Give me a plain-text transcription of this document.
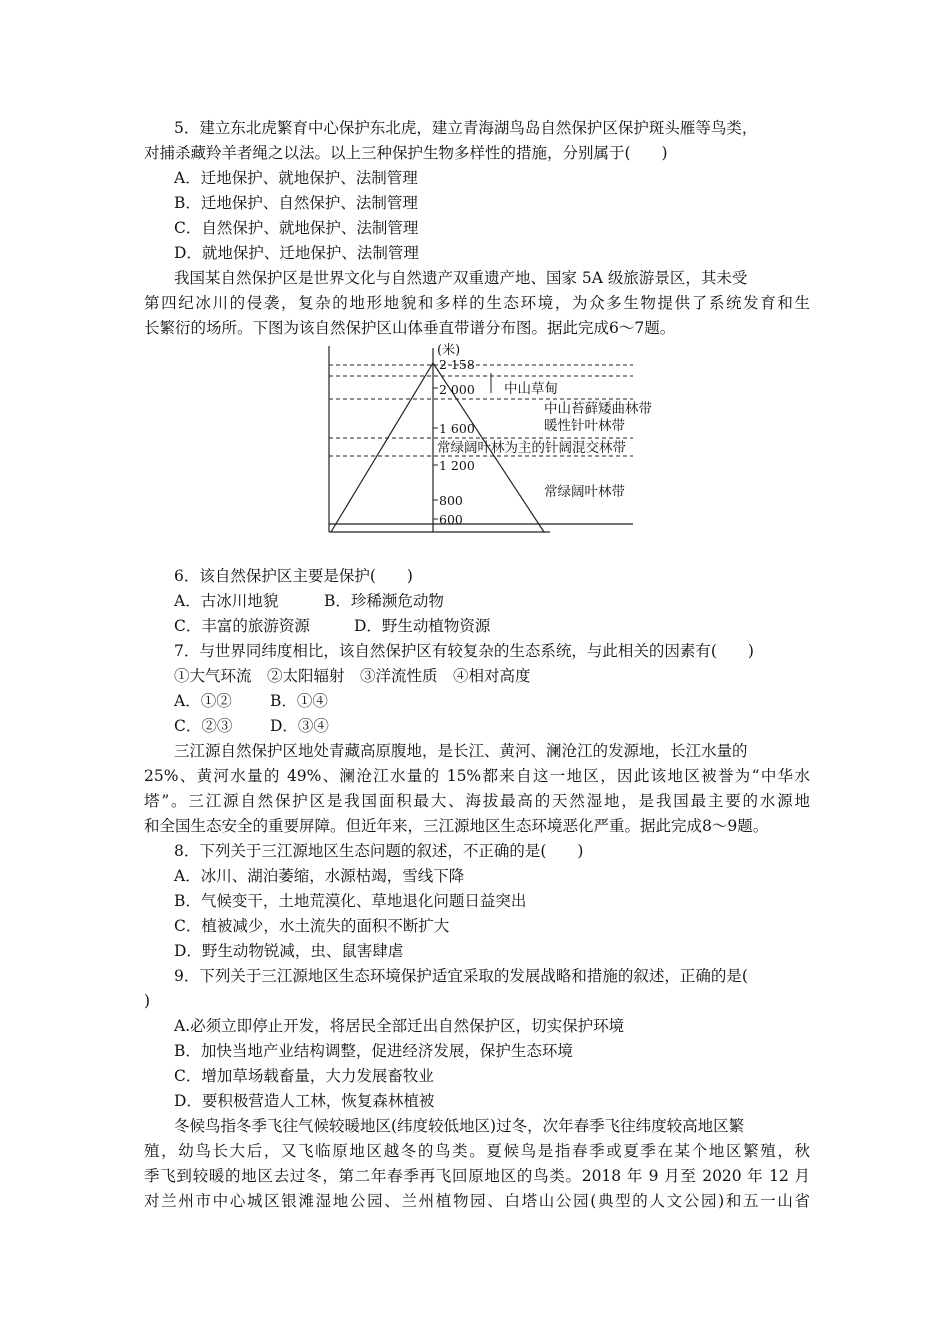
5．建立东北虎繁育中心保护东北虎，建立青海湖鸟岛自然保护区保护斑头雁等鸟类，
对捕杀藏羚羊者绳之以法。以上三种保护生物多样性的措施，分别属于(　　)
A．迁地保护、就地保护、法制管理
B．迁地保护、自然保护、法制管理
C．自然保护、就地保护、法制管理
D．就地保护、迁地保护、法制管理
我国某自然保护区是世界文化与自然遗产双重遗产地、国家 5A 级旅游景区，其未受
第四纪冰川的侵袭，复杂的地形地貌和多样的生态环境，为众多生物提供了系统发育和生
长繁衍的场所。下图为该自然保护区山体垂直带谱分布图。据此完成6～7题。
(米)
2 158
2 000
1 600
1 200
800
600
中山草甸
中山苔藓矮曲林带
暖性针叶林带
常绿阔叶林为主的针阔混交林带
常绿阔叶林带
6．该自然保护区主要是保护(　　)
A．古冰川地貌	B．珍稀濒危动物
C．丰富的旅游资源	D．野生动植物资源
7．与世界同纬度相比，该自然保护区有较复杂的生态系统，与此相关的因素有(　　)
①大气环流　②太阳辐射　③洋流性质　④相对高度
A．①② B．①④
C．②③ D．③④
三江源自然保护区地处青藏高原腹地，是长江、黄河、澜沧江的发源地，长江水量的
25%、黄河水量的 49%、澜沧江水量的 15%都来自这一地区，因此该地区被誉为“中华水
塔”。三江源自然保护区是我国面积最大、海拔最高的天然湿地，是我国最主要的水源地
和全国生态安全的重要屏障。但近年来，三江源地区生态环境恶化严重。据此完成8～9题。
8．下列关于三江源地区生态问题的叙述，不正确的是(　　)
A．冰川、湖泊萎缩，水源枯竭，雪线下降
B．气候变干，土地荒漠化、草地退化问题日益突出
C．植被减少，水土流失的面积不断扩大
D．野生动物锐减，虫、鼠害肆虐
9．下列关于三江源地区生态环境保护适宜采取的发展战略和措施的叙述，正确的是(
)
A.必须立即停止开发，将居民全部迁出自然保护区，切实保护环境
B．加快当地产业结构调整，促进经济发展，保护生态环境
C．增加草场载畜量，大力发展畜牧业
D．要积极营造人工林，恢复森林植被
冬候鸟指冬季飞往气候较暖地区(纬度较低地区)过冬，次年春季飞往纬度较高地区繁
殖，幼鸟长大后，又飞临原地区越冬的鸟类。夏候鸟是指春季或夏季在某个地区繁殖，秋
季飞到较暖的地区去过冬，第二年春季再飞回原地区的鸟类。2018 年 9 月至 2020 年 12 月
对兰州市中心城区银滩湿地公园、兰州植物园、白塔山公园(典型的人文公园)和五一山省
